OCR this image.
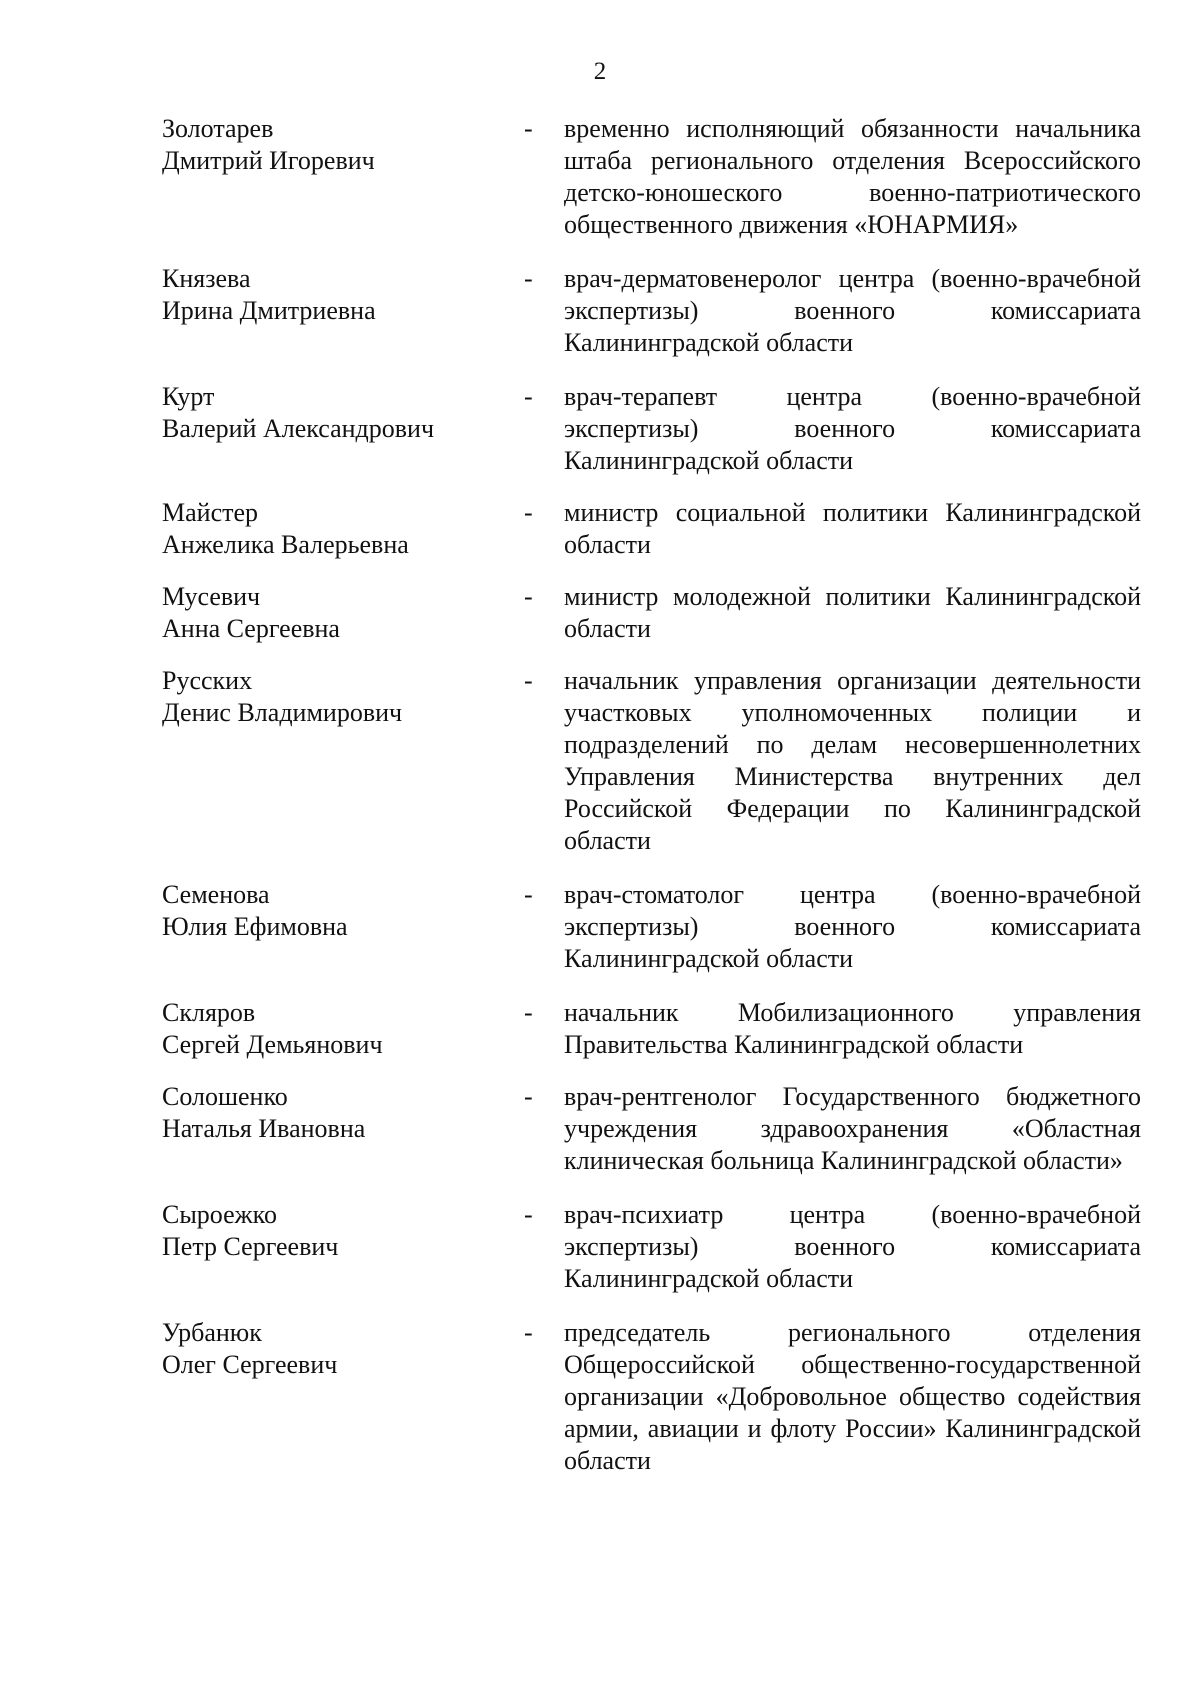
2
Золотарев
Дмитрий Игоревич
-	временно исполняющий обязанности начальника штаба регионального отделения Всероссийского детско-юношеского военно-патриотического общественного движения «ЮНАРМИЯ»
Князева
Ирина Дмитриевна
-	врач-дерматовенеролог центра (военно-врачебной экспертизы) военного комиссариата Калининградской области
Курт
Валерий Александрович
-	врач-терапевт центра (военно-врачебной экспертизы) военного комиссариата Калининградской области
Майстер
Анжелика Валерьевна
-	министр социальной политики Калининградской области
Мусевич
Анна Сергеевна
-	министр молодежной политики Калининградской области
Русских
Денис Владимирович
-	начальник управления организации деятельности участковых уполномоченных полиции и подразделений по делам несовершеннолетних Управления Министерства внутренних дел Российской Федерации по Калининградской области
Семенова
Юлия Ефимовна
-	врач-стоматолог центра (военно-врачебной экспертизы) военного комиссариата Калининградской области
Скляров
Сергей Демьянович
-	начальник Мобилизационного управления Правительства Калининградской области
Солошенко
Наталья Ивановна
-	врач-рентгенолог Государственного бюджетного учреждения здравоохранения «Областная клиническая больница Калининградской области»
Сыроежко
Петр Сергеевич
-	врач-психиатр центра (военно-врачебной экспертизы) военного комиссариата Калининградской области
Урбанюк
Олег Сергеевич
-	председатель регионального отделения Общероссийской общественно-государственной организации «Добровольное общество содействия армии, авиации и флоту России» Калининградской области
